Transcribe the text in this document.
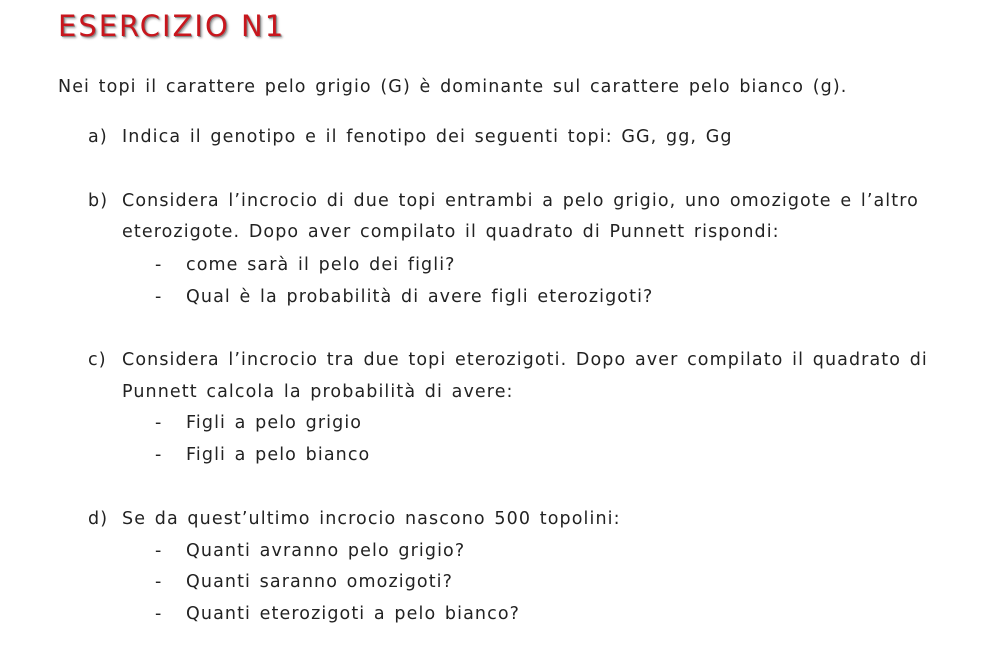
ESERCIZIO N1
Nei topi il carattere pelo grigio (G) è dominante sul carattere pelo bianco (g).
a) Indica il genotipo e il fenotipo dei seguenti topi: GG, gg, Gg
b) Considera l’incrocio di due topi entrambi a pelo grigio, uno omozigote e l’altro
eterozigote. Dopo aver compilato il quadrato di Punnett rispondi:
- come sarà il pelo dei figli?
- Qual è la probabilità di avere figli eterozigoti?
c) Considera l’incrocio tra due topi eterozigoti. Dopo aver compilato il quadrato di
Punnett calcola la probabilità di avere:
- Figli a pelo grigio
- Figli a pelo bianco
d) Se da quest’ultimo incrocio nascono 500 topolini:
- Quanti avranno pelo grigio?
- Quanti saranno omozigoti?
- Quanti eterozigoti a pelo bianco?
